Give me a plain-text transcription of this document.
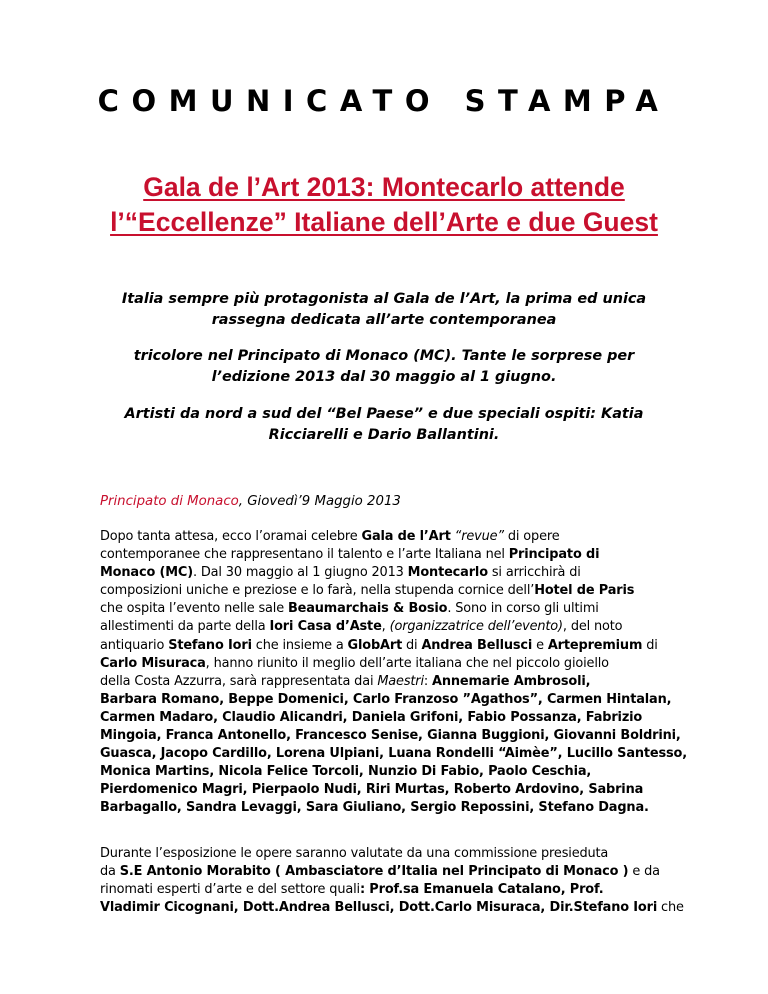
COMUNICATO STAMPA
Gala de l’Art 2013: Montecarlo attende
l’“Eccellenze” Italiane dell’Arte e due Guest
Italia sempre più protagonista al Gala de l’Art, la prima ed unica
rassegna dedicata all’arte contemporanea
tricolore nel Principato di Monaco (MC). Tante le sorprese per
l’edizione 2013 dal 30 maggio al 1 giugno.
Artisti da nord a sud del “Bel Paese” e due speciali ospiti: Katia
Ricciarelli e Dario Ballantini.
Principato di Monaco, Giovedì’9 Maggio 2013
Dopo tanta attesa, ecco l’oramai celebre Gala de l’Art “revue” di opere
contemporanee che rappresentano il talento e l’arte Italiana nel Principato di
Monaco (MC). Dal 30 maggio al 1 giugno 2013 Montecarlo si arricchirà di
composizioni uniche e preziose e lo farà, nella stupenda cornice dell’Hotel de Paris
che ospita l’evento nelle sale Beaumarchais & Bosio. Sono in corso gli ultimi
allestimenti da parte della Iori Casa d’Aste, (organizzatrice dell’evento), del noto
antiquario Stefano Iori che insieme a GlobArt di Andrea Bellusci e Artepremium di
Carlo Misuraca, hanno riunito il meglio dell’arte italiana che nel piccolo gioiello
della Costa Azzurra, sarà rappresentata dai Maestri: Annemarie Ambrosoli,
Barbara Romano, Beppe Domenici, Carlo Franzoso ”Agathos”, Carmen Hintalan,
Carmen Madaro, Claudio Alicandri, Daniela Grifoni, Fabio Possanza, Fabrizio
Mingoia, Franca Antonello, Francesco Senise, Gianna Buggioni, Giovanni Boldrini,
Guasca, Jacopo Cardillo, Lorena Ulpiani, Luana Rondelli “Aimèe”, Lucillo Santesso,
Monica Martins, Nicola Felice Torcoli, Nunzio Di Fabio, Paolo Ceschia,
Pierdomenico Magri, Pierpaolo Nudi, Riri Murtas, Roberto Ardovino, Sabrina
Barbagallo, Sandra Levaggi, Sara Giuliano, Sergio Repossini, Stefano Dagna.
Durante l’esposizione le opere saranno valutate da una commissione presieduta
da S.E Antonio Morabito ( Ambasciatore d’Italia nel Principato di Monaco ) e da
rinomati esperti d’arte e del settore quali: Prof.sa Emanuela Catalano, Prof.
Vladimir Cicognani, Dott.Andrea Bellusci, Dott.Carlo Misuraca, Dir.Stefano Iori che
